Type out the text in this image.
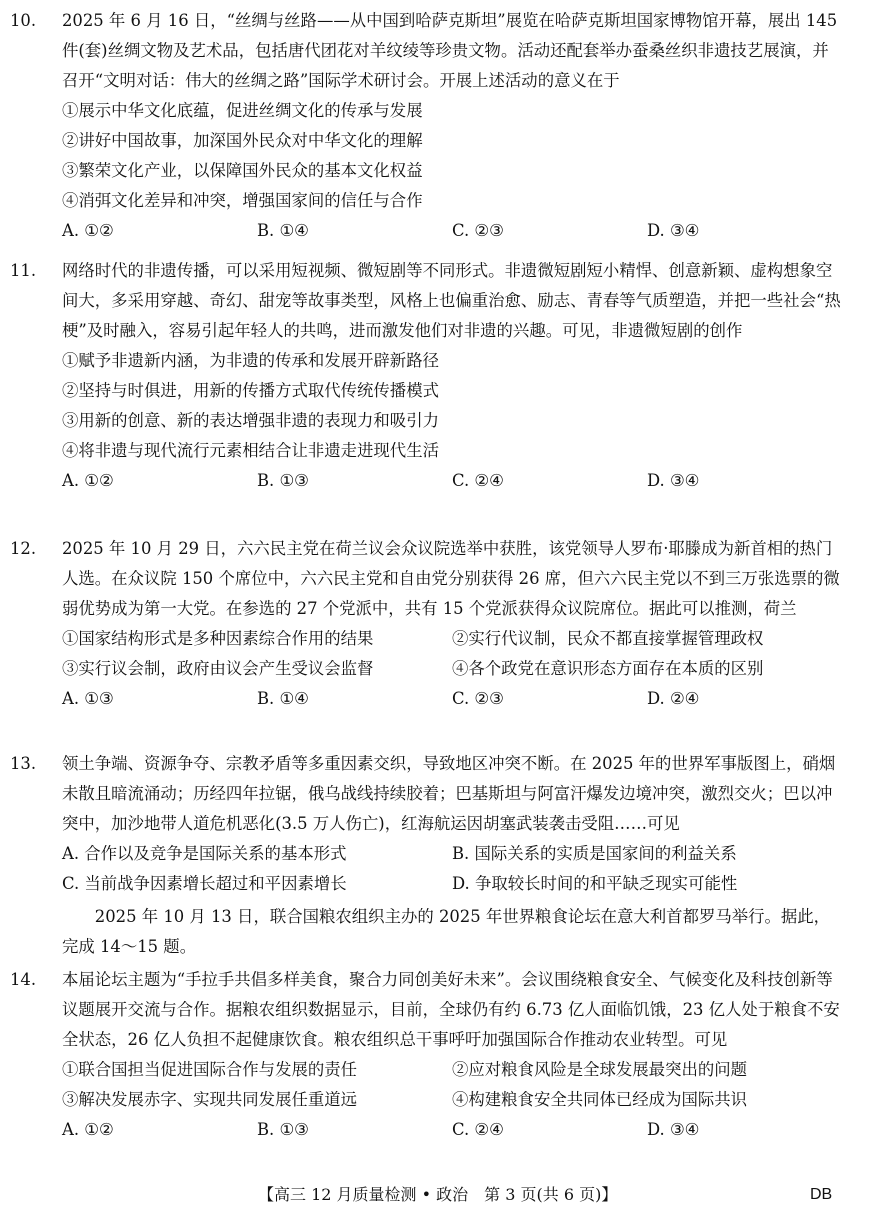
10. 2025 年 6 月 16 日，“丝绸与丝路——从中国到哈萨克斯坦”展览在哈萨克斯坦国家博物馆开幕，展出 145 件(套)丝绸文物及艺术品，包括唐代团花对羊纹绫等珍贵文物。活动还配套举办蚕桑丝织非遗技艺展演，并召开“文明对话：伟大的丝绸之路”国际学术研讨会。开展上述活动的意义在于
①展示中华文化底蕴，促进丝绸文化的传承与发展
②讲好中国故事，加深国外民众对中华文化的理解
③繁荣文化产业，以保障国外民众的基本文化权益
④消弭文化差异和冲突，增强国家间的信任与合作
A. ①②	B. ①④	C. ②③	D. ③④
11. 网络时代的非遗传播，可以采用短视频、微短剧等不同形式。非遗微短剧短小精悍、创意新颖、虚构想象空间大，多采用穿越、奇幻、甜宠等故事类型，风格上也偏重治愈、励志、青春等气质塑造，并把一些社会“热梗”及时融入，容易引起年轻人的共鸣，进而激发他们对非遗的兴趣。可见，非遗微短剧的创作
①赋予非遗新内涵，为非遗的传承和发展开辟新路径
②坚持与时俱进，用新的传播方式取代传统传播模式
③用新的创意、新的表达增强非遗的表现力和吸引力
④将非遗与现代流行元素相结合让非遗走进现代生活
A. ①②	B. ①③	C. ②④	D. ③④
12. 2025 年 10 月 29 日，六六民主党在荷兰议会众议院选举中获胜，该党领导人罗布·耶滕成为新首相的热门人选。在众议院 150 个席位中，六六民主党和自由党分别获得 26 席，但六六民主党以不到三万张选票的微弱优势成为第一大党。在参选的 27 个党派中，共有 15 个党派获得众议院席位。据此可以推测，荷兰
①国家结构形式是多种因素综合作用的结果	②实行代议制，民众不都直接掌握管理政权
③实行议会制，政府由议会产生受议会监督	④各个政党在意识形态方面存在本质的区别
A. ①③	B. ①④	C. ②③	D. ②④
13. 领土争端、资源争夺、宗教矛盾等多重因素交织，导致地区冲突不断。在 2025 年的世界军事版图上，硝烟未散且暗流涌动；历经四年拉锯，俄乌战线持续胶着；巴基斯坦与阿富汗爆发边境冲突，激烈交火；巴以冲突中，加沙地带人道危机恶化(3.5 万人伤亡)，红海航运因胡塞武装袭击受阻……可见
A. 合作以及竞争是国际关系的基本形式	B. 国际关系的实质是国家间的利益关系
C. 当前战争因素增长超过和平因素增长	D. 争取较长时间的和平缺乏现实可能性
2025 年 10 月 13 日，联合国粮农组织主办的 2025 年世界粮食论坛在意大利首都罗马举行。据此，完成 14～15 题。
14. 本届论坛主题为“手拉手共倡多样美食，聚合力同创美好未来”。会议围绕粮食安全、气候变化及科技创新等议题展开交流与合作。据粮农组织数据显示，目前，全球仍有约 6.73 亿人面临饥饿，23 亿人处于粮食不安全状态，26 亿人负担不起健康饮食。粮农组织总干事呼吁加强国际合作推动农业转型。可见
①联合国担当促进国际合作与发展的责任	②应对粮食风险是全球发展最突出的问题
③解决发展赤字、实现共同发展任重道远	④构建粮食安全共同体已经成为国际共识
A. ①②	B. ①③	C. ②④	D. ③④
【高三 12 月质量检测 • 政治　第 3 页(共 6 页)】	DB
